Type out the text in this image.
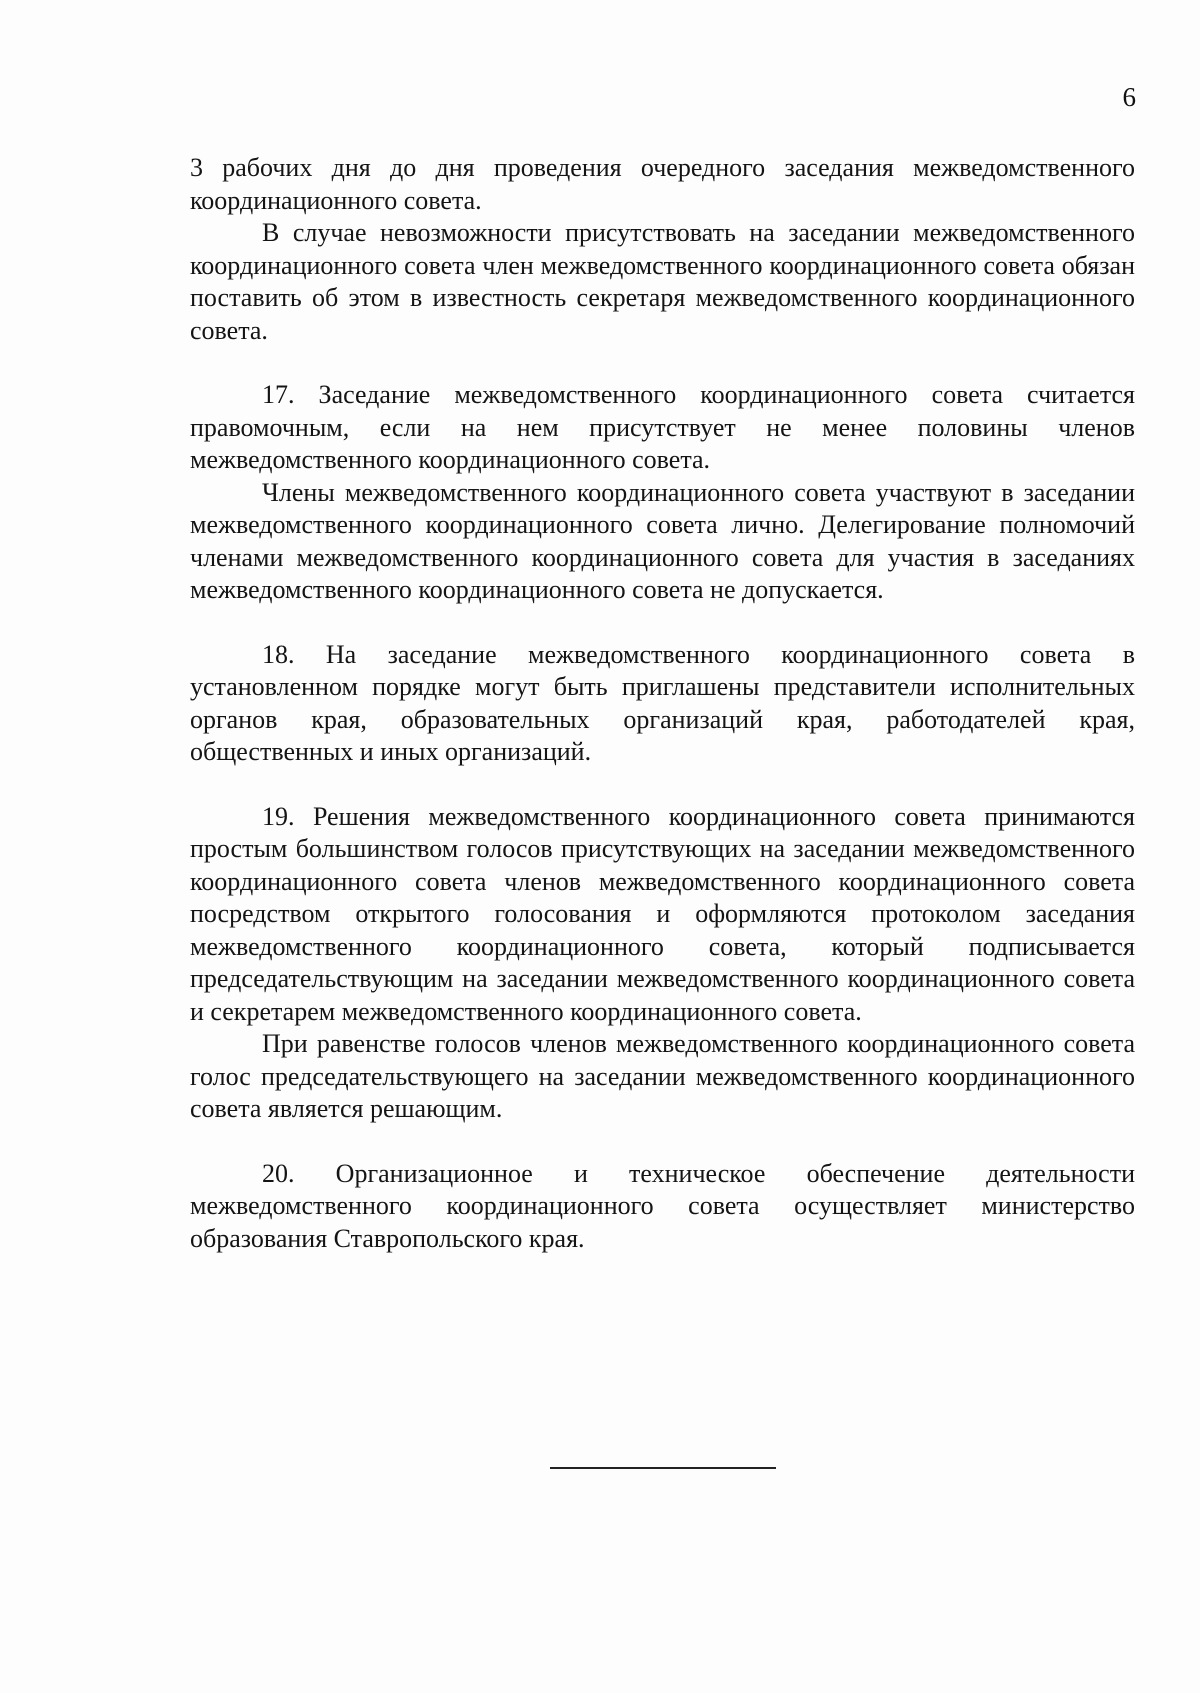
6

3 рабочих дня до дня проведения очередного заседания межведомственного координационного совета.

В случае невозможности присутствовать на заседании межведомственного координационного совета член межведомственного координационного совета обязан поставить об этом в известность секретаря межведомственного координационного совета.

17. Заседание межведомственного координационного совета считается правомочным, если на нем присутствует не менее половины членов межведомственного координационного совета.

Члены межведомственного координационного совета участвуют в заседании межведомственного координационного совета лично. Делегирование полномочий членами межведомственного координационного совета для участия в заседаниях межведомственного координационного совета не допускается.

18. На заседание межведомственного координационного совета в установленном порядке могут быть приглашены представители исполнительных органов края, образовательных организаций края, работодателей края, общественных и иных организаций.

19. Решения межведомственного координационного совета принимаются простым большинством голосов присутствующих на заседании межведомственного координационного совета членов межведомственного координационного совета посредством открытого голосования и оформляются протоколом заседания межведомственного координационного совета, который подписывается председательствующим на заседании межведомственного координационного совета и секретарем межведомственного координационного совета.

При равенстве голосов членов межведомственного координационного совета голос председательствующего на заседании межведомственного координационного совета является решающим.

20. Организационное и техническое обеспечение деятельности межведомственного координационного совета осуществляет министерство образования Ставропольского края.
